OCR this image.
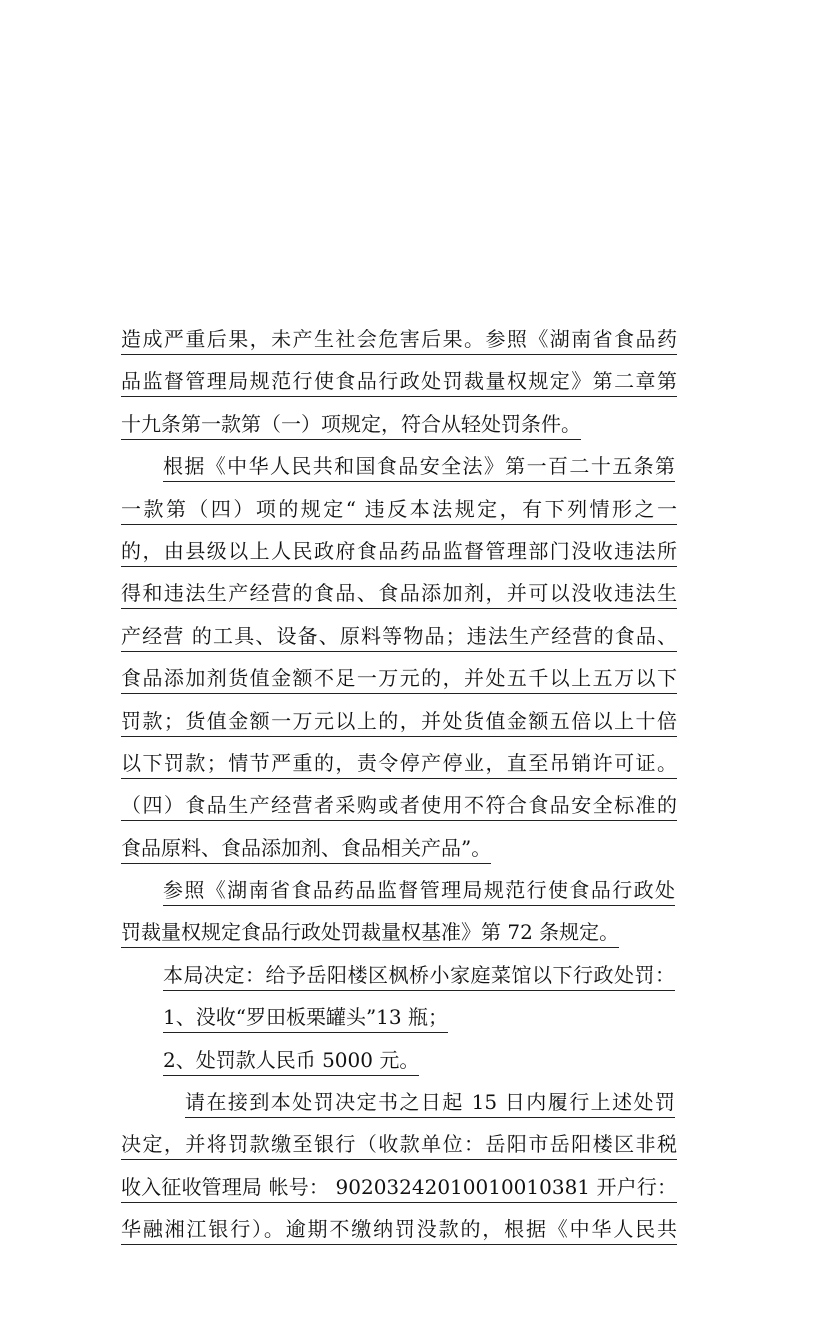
造成严重后果，未产生社会危害后果。参照《湖南省食品药
品监督管理局规范行使食品行政处罚裁量权规定》第二章第
十九条第一款第（一）项规定，符合从轻处罚条件。
根据《中华人民共和国食品安全法》第一百二十五条第
一款第（四）项的规定“ 违反本法规定，有下列情形之一
的，由县级以上人民政府食品药品监督管理部门没收违法所
得和违法生产经营的食品、食品添加剂，并可以没收违法生
产经营 的工具、设备、原料等物品；违法生产经营的食品、
食品添加剂货值金额不足一万元的，并处五千以上五万以下
罚款；货值金额一万元以上的，并处货值金额五倍以上十倍
以下罚款；情节严重的，责令停产停业，直至吊销许可证。
（四）食品生产经营者采购或者使用不符合食品安全标准的
食品原料、食品添加剂、食品相关产品”。
参照《湖南省食品药品监督管理局规范行使食品行政处
罚裁量权规定食品行政处罚裁量权基准》第 72 条规定。
本局决定：给予岳阳楼区枫桥小家庭菜馆以下行政处罚：
1、没收“罗田板栗罐头”13 瓶；
2、处罚款人民币 5000 元。
请在接到本处罚决定书之日起 15 日内履行上述处罚
决定，并将罚款缴至银行（收款单位：岳阳市岳阳楼区非税
收入征收管理局 帐号： 90203242010010010381 开户行：
华融湘江银行）。逾期不缴纳罚没款的，根据《中华人民共
